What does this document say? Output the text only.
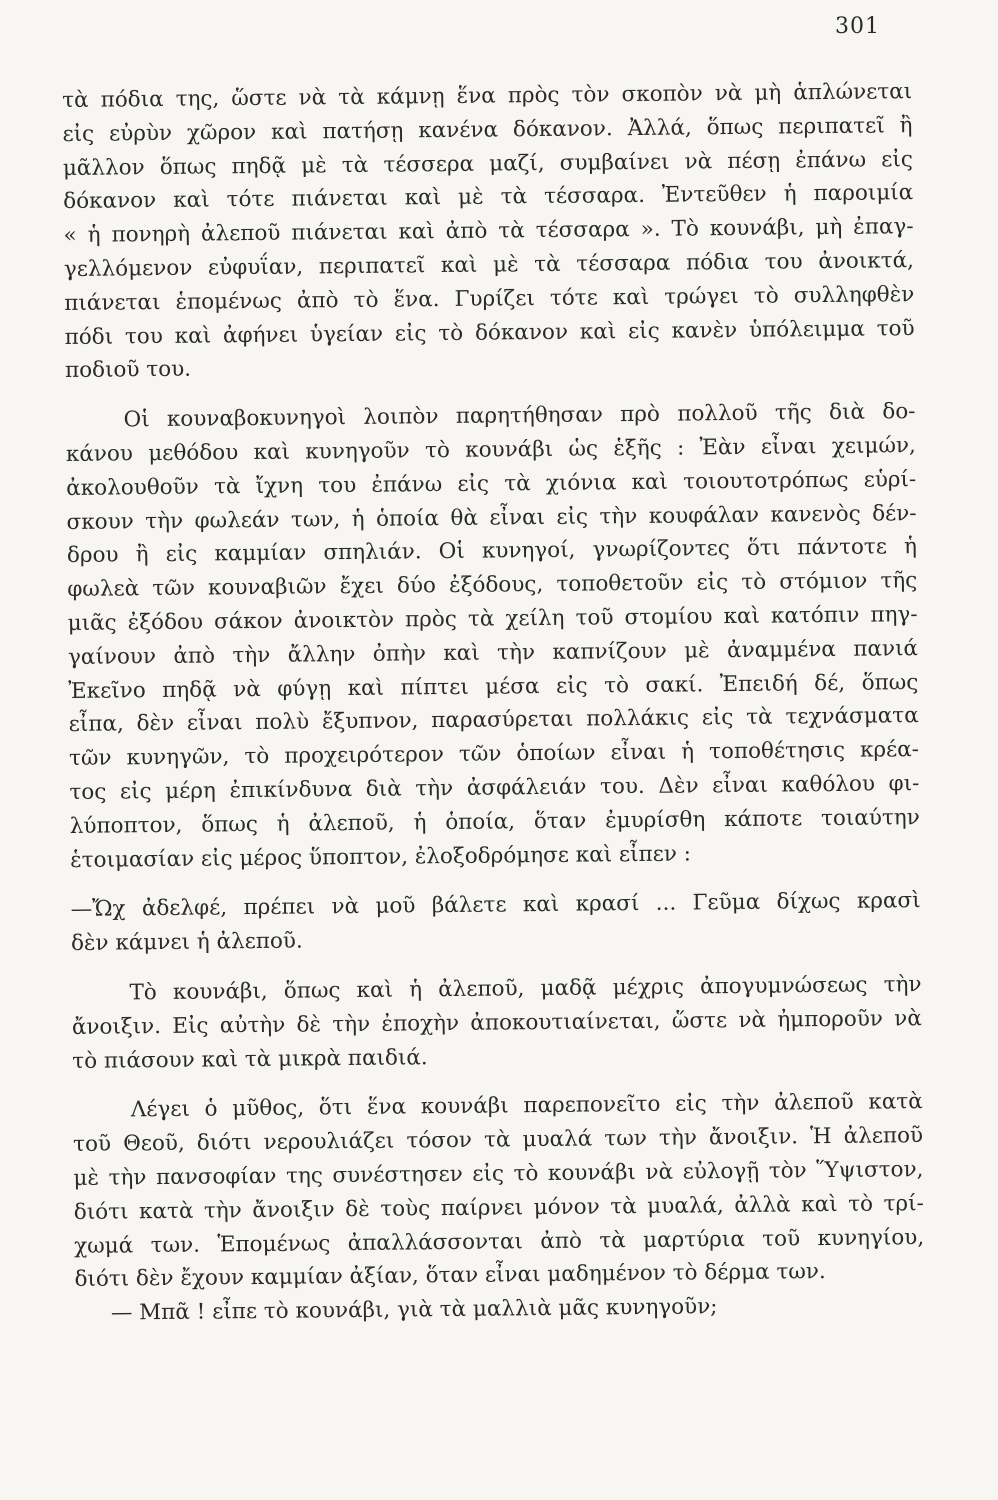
301
τὰ πόδια της, ὥστε νὰ τὰ κάμνῃ ἕνα πρὸς τὸν σκοπὸν νὰ μὴ ἁπλώνεται
εἰς εὐρὺν χῶρον καὶ πατήσῃ κανένα δόκανον. Ἀλλά, ὅπως περιπατεῖ ἢ
μᾶλλον ὅπως πηδᾷ μὲ τὰ τέσσερα μαζί, συμβαίνει νὰ πέσῃ ἐπάνω εἰς
δόκανον καὶ τότε πιάνεται καὶ μὲ τὰ τέσσαρα. Ἐντεῦθεν ἡ παροιμία
« ἡ πονηρὴ ἀλεποῦ πιάνεται καὶ ἀπὸ τὰ τέσσαρα ». Τὸ κουνάβι, μὴ ἐπαγ-
γελλόμενον εὐφυΐαν, περιπατεῖ καὶ μὲ τὰ τέσσαρα πόδια του ἀνοικτά,
πιάνεται ἑπομένως ἀπὸ τὸ ἕνα. Γυρίζει τότε καὶ τρώγει τὸ συλληφθὲν
πόδι του καὶ ἀφήνει ὑγείαν εἰς τὸ δόκανον καὶ εἰς κανὲν ὑπόλειμμα τοῦ
ποδιοῦ του.
Οἱ κουναβοκυνηγοὶ λοιπὸν παρητήθησαν πρὸ πολλοῦ τῆς διὰ δο-
κάνου μεθόδου καὶ κυνηγοῦν τὸ κουνάβι ὡς ἑξῆς : Ἐὰν εἶναι χειμών,
ἀκολουθοῦν τὰ ἴχνη του ἐπάνω εἰς τὰ χιόνια καὶ τοιουτοτρόπως εὑρί-
σκουν τὴν φωλεάν των, ἡ ὁποία θὰ εἶναι εἰς τὴν κουφάλαν κανενὸς δέν-
δρου ἢ εἰς καμμίαν σπηλιάν. Οἱ κυνηγοί, γνωρίζοντες ὅτι πάντοτε ἡ
φωλεὰ τῶν κουναβιῶν ἔχει δύο ἐξόδους, τοποθετοῦν εἰς τὸ στόμιον τῆς
μιᾶς ἐξόδου σάκον ἀνοικτὸν πρὸς τὰ χείλη τοῦ στομίου καὶ κατόπιν πηγ-
γαίνουν ἀπὸ τὴν ἄλλην ὀπὴν καὶ τὴν καπνίζουν μὲ ἀναμμένα πανιά
Ἐκεῖνο πηδᾷ νὰ φύγῃ καὶ πίπτει μέσα εἰς τὸ σακί. Ἐπειδή δέ, ὅπως
εἶπα, δὲν εἶναι πολὺ ἔξυπνον, παρασύρεται πολλάκις εἰς τὰ τεχνάσματα
τῶν κυνηγῶν, τὸ προχειρότερον τῶν ὁποίων εἶναι ἡ τοποθέτησις κρέα-
τος εἰς μέρη ἐπικίνδυνα διὰ τὴν ἀσφάλειάν του. Δὲν εἶναι καθόλου φι-
λύποπτον, ὅπως ἡ ἀλεποῦ, ἡ ὁποία, ὅταν ἐμυρίσθη κάποτε τοιαύτην
ἑτοιμασίαν εἰς μέρος ὕποπτον, ἐλοξοδρόμησε καὶ εἶπεν :
—Ὤχ ἀδελφέ, πρέπει νὰ μοῦ βάλετε καὶ κρασί ... Γεῦμα δίχως κρασὶ
δὲν κάμνει ἡ ἀλεποῦ.
Τὸ κουνάβι, ὅπως καὶ ἡ ἀλεποῦ, μαδᾷ μέχρις ἀπογυμνώσεως τὴν
ἄνοιξιν. Εἰς αὐτὴν δὲ τὴν ἐποχὴν ἀποκουτιαίνεται, ὥστε νὰ ἠμποροῦν νὰ
τὸ πιάσουν καὶ τὰ μικρὰ παιδιά.
Λέγει ὁ μῦθος, ὅτι ἕνα κουνάβι παρεπονεῖτο εἰς τὴν ἀλεποῦ κατὰ
τοῦ Θεοῦ, διότι νερουλιάζει τόσον τὰ μυαλά των τὴν ἄνοιξιν. Ἡ ἀλεποῦ
μὲ τὴν πανσοφίαν της συνέστησεν εἰς τὸ κουνάβι νὰ εὐλογῇ τὸν Ὕψιστον,
διότι κατὰ τὴν ἄνοιξιν δὲ τοὺς παίρνει μόνον τὰ μυαλά, ἀλλὰ καὶ τὸ τρί-
χωμά των. Ἑπομένως ἀπαλλάσσονται ἀπὸ τὰ μαρτύρια τοῦ κυνηγίου,
διότι δὲν ἔχουν καμμίαν ἀξίαν, ὅταν εἶναι μαδημένον τὸ δέρμα των.
— Μπᾶ ! εἶπε τὸ κουνάβι, γιὰ τὰ μαλλιὰ μᾶς κυνηγοῦν;
